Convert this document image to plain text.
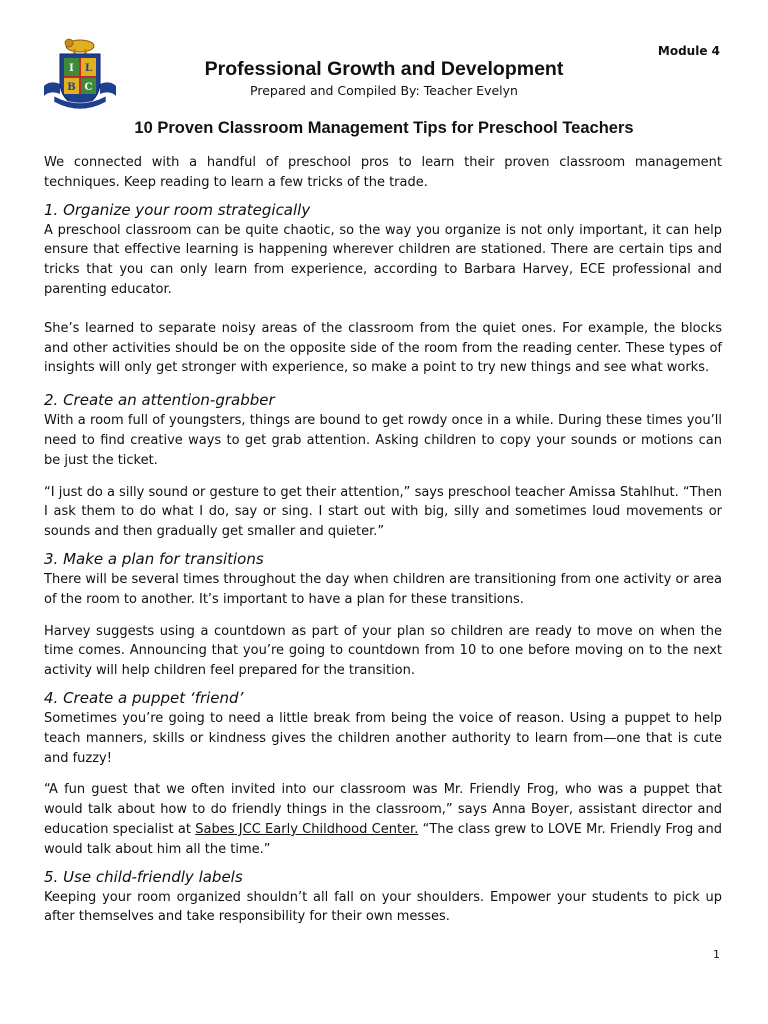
Module 4
I L
B C
Professional Growth and Development
Prepared and Compiled By: Teacher Evelyn
10 Proven Classroom Management Tips for Preschool Teachers

We connected with a handful of preschool pros to learn their proven classroom management techniques. Keep reading to learn a few tricks of the trade.

1. Organize your room strategically

A preschool classroom can be quite chaotic, so the way you organize is not only important, it can help ensure that effective learning is happening wherever children are stationed. There are certain tips and tricks that you can only learn from experience, according to Barbara Harvey, ECE professional and parenting educator.

She’s learned to separate noisy areas of the classroom from the quiet ones. For example, the blocks and other activities should be on the opposite side of the room from the reading center. These types of insights will only get stronger with experience, so make a point to try new things and see what works.

2. Create an attention-grabber

With a room full of youngsters, things are bound to get rowdy once in a while. During these times you’ll need to find creative ways to get grab attention. Asking children to copy your sounds or motions can be just the ticket.

“I just do a silly sound or gesture to get their attention,” says preschool teacher Amissa Stahlhut. “Then I ask them to do what I do, say or sing. I start out with big, silly and sometimes loud movements or sounds and then gradually get smaller and quieter.”

3. Make a plan for transitions

There will be several times throughout the day when children are transitioning from one activity or area of the room to another. It’s important to have a plan for these transitions.

Harvey suggests using a countdown as part of your plan so children are ready to move on when the time comes. Announcing that you’re going to countdown from 10 to one before moving on to the next activity will help children feel prepared for the transition.

4. Create a puppet ‘friend’

Sometimes you’re going to need a little break from being the voice of reason. Using a puppet to help teach manners, skills or kindness gives the children another authority to learn from—one that is cute and fuzzy!

“A fun guest that we often invited into our classroom was Mr. Friendly Frog, who was a puppet that would talk about how to do friendly things in the classroom,” says Anna Boyer, assistant director and education specialist at Sabes JCC Early Childhood Center. “The class grew to LOVE Mr. Friendly Frog and would talk about him all the time.”

5. Use child-friendly labels

Keeping your room organized shouldn’t all fall on your shoulders. Empower your students to pick up after themselves and take responsibility for their own messes.

1
